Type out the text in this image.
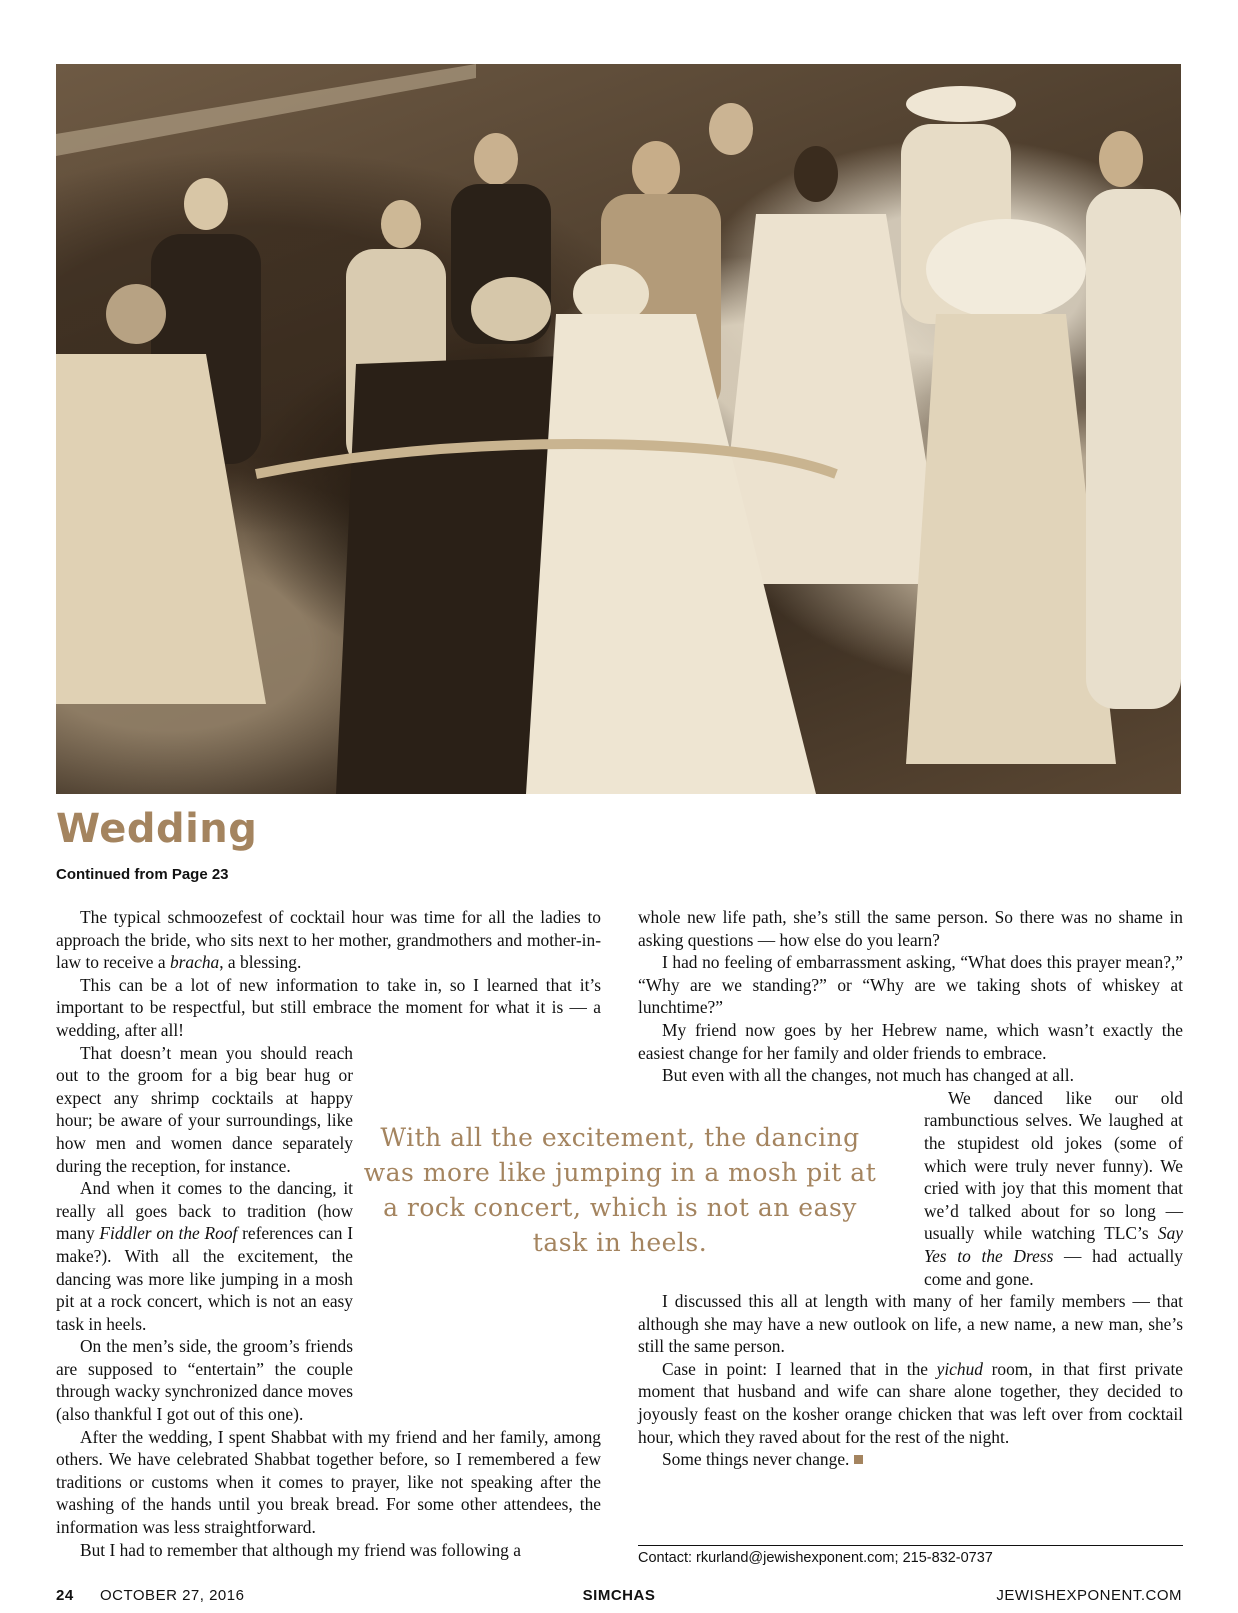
Wedding
Continued from Page 23

The typical schmoozefest of cocktail hour was time for all the ladies to approach the bride, who sits next to her mother, grandmothers and mother-in-law to receive a bracha, a blessing.

This can be a lot of new information to take in, so I learned that it’s important to be respectful, but still embrace the moment for what it is — a wedding, after all!

That doesn’t mean you should reach out to the groom for a big bear hug or expect any shrimp cocktails at happy hour; be aware of your surroundings, like how men and women dance separately during the reception, for instance.

And when it comes to the dancing, it really all goes back to tradition (how many Fiddler on the Roof references can I make?). With all the excitement, the dancing was more like jumping in a mosh pit at a rock concert, which is not an easy task in heels.

On the men’s side, the groom’s friends are supposed to “entertain” the couple through wacky synchronized dance moves (also thankful I got out of this one).

After the wedding, I spent Shabbat with my friend and her family, among others. We have celebrated Shabbat together before, so I remembered a few traditions or customs when it comes to prayer, like not speaking after the washing of the hands until you break bread. For some other attendees, the information was less straightforward.

But I had to remember that although my friend was following a

whole new life path, she’s still the same person. So there was no shame in asking questions — how else do you learn?

I had no feeling of embarrassment asking, “What does this prayer mean?,” “Why are we standing?” or “Why are we taking shots of whiskey at lunchtime?”

My friend now goes by her Hebrew name, which wasn’t exactly the easiest change for her family and older friends to embrace.

But even with all the changes, not much has changed at all.

We danced like our old rambunctious selves. We laughed at the stupidest old jokes (some of which were truly never funny). We cried with joy that this moment that we’d talked about for so long — usually while watching TLC’s Say Yes to the Dress — had actually come and gone.

I discussed this all at length with many of her family members — that although she may have a new outlook on life, a new name, a new man, she’s still the same person.

Case in point: I learned that in the yichud room, in that first private moment that husband and wife can share alone together, they decided to joyously feast on the kosher orange chicken that was left over from cocktail hour, which they raved about for the rest of the night.

Some things never change.

With all the excitement, the dancing was more like jumping in a mosh pit at a rock concert, which is not an easy task in heels.
Contact: rkurland@jewishexponent.com; 215-832-0737
24 OCTOBER 27, 2016	SIMCHAS	JEWISHEXPONENT.COM
